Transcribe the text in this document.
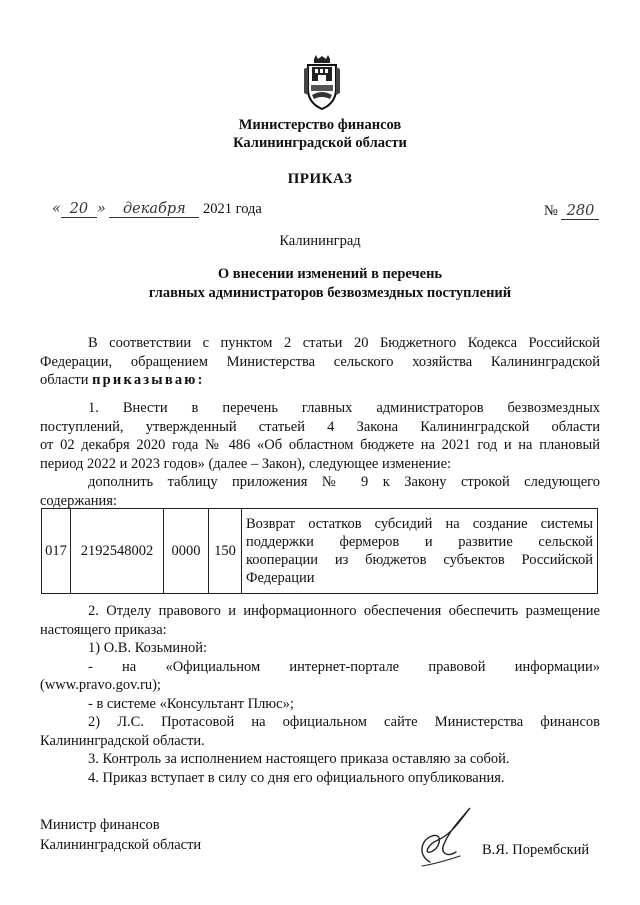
Министерство финансов
Калининградской области
ПРИКАЗ
« 20 » декабря 2021 года	№ 280
Калининград
О внесении изменений в перечень
главных администраторов безвозмездных поступлений
В соответствии с пунктом 2 статьи 20 Бюджетного Кодекса Российской
Федерации, обращением Министерства сельского хозяйства Калининградской
области приказываю:
1. Внести в перечень главных администраторов безвозмездных
поступлений, утвержденный статьей 4 Закона Калининградской области
от 02 декабря 2020 года № 486 «Об областном бюджете на 2021 год и на плановый
период 2022 и 2023 годов» (далее – Закон), следующее изменение:
дополнить таблицу приложения № 9 к Закону строкой следующего
содержания:
017	2192548002	0000	150	
Возврат остатков субсидий на создание системы
поддержки фермеров и развитие сельской
кооперации из бюджетов субъектов Российской
Федерации
2. Отделу правового и информационного обеспечения обеспечить размещение
настоящего приказа:
1) О.В. Козьминой:
- на «Официальном интернет-портале правовой информации»
(www.pravo.gov.ru);
- в системе «Консультант Плюс»;
2) Л.С. Протасовой на официальном сайте Министерства финансов
Калининградской области.
3. Контроль за исполнением настоящего приказа оставляю за собой.
4. Приказ вступает в силу со дня его официального опубликования.
Министр финансов
Калининградской области	В.Я. Порембский
